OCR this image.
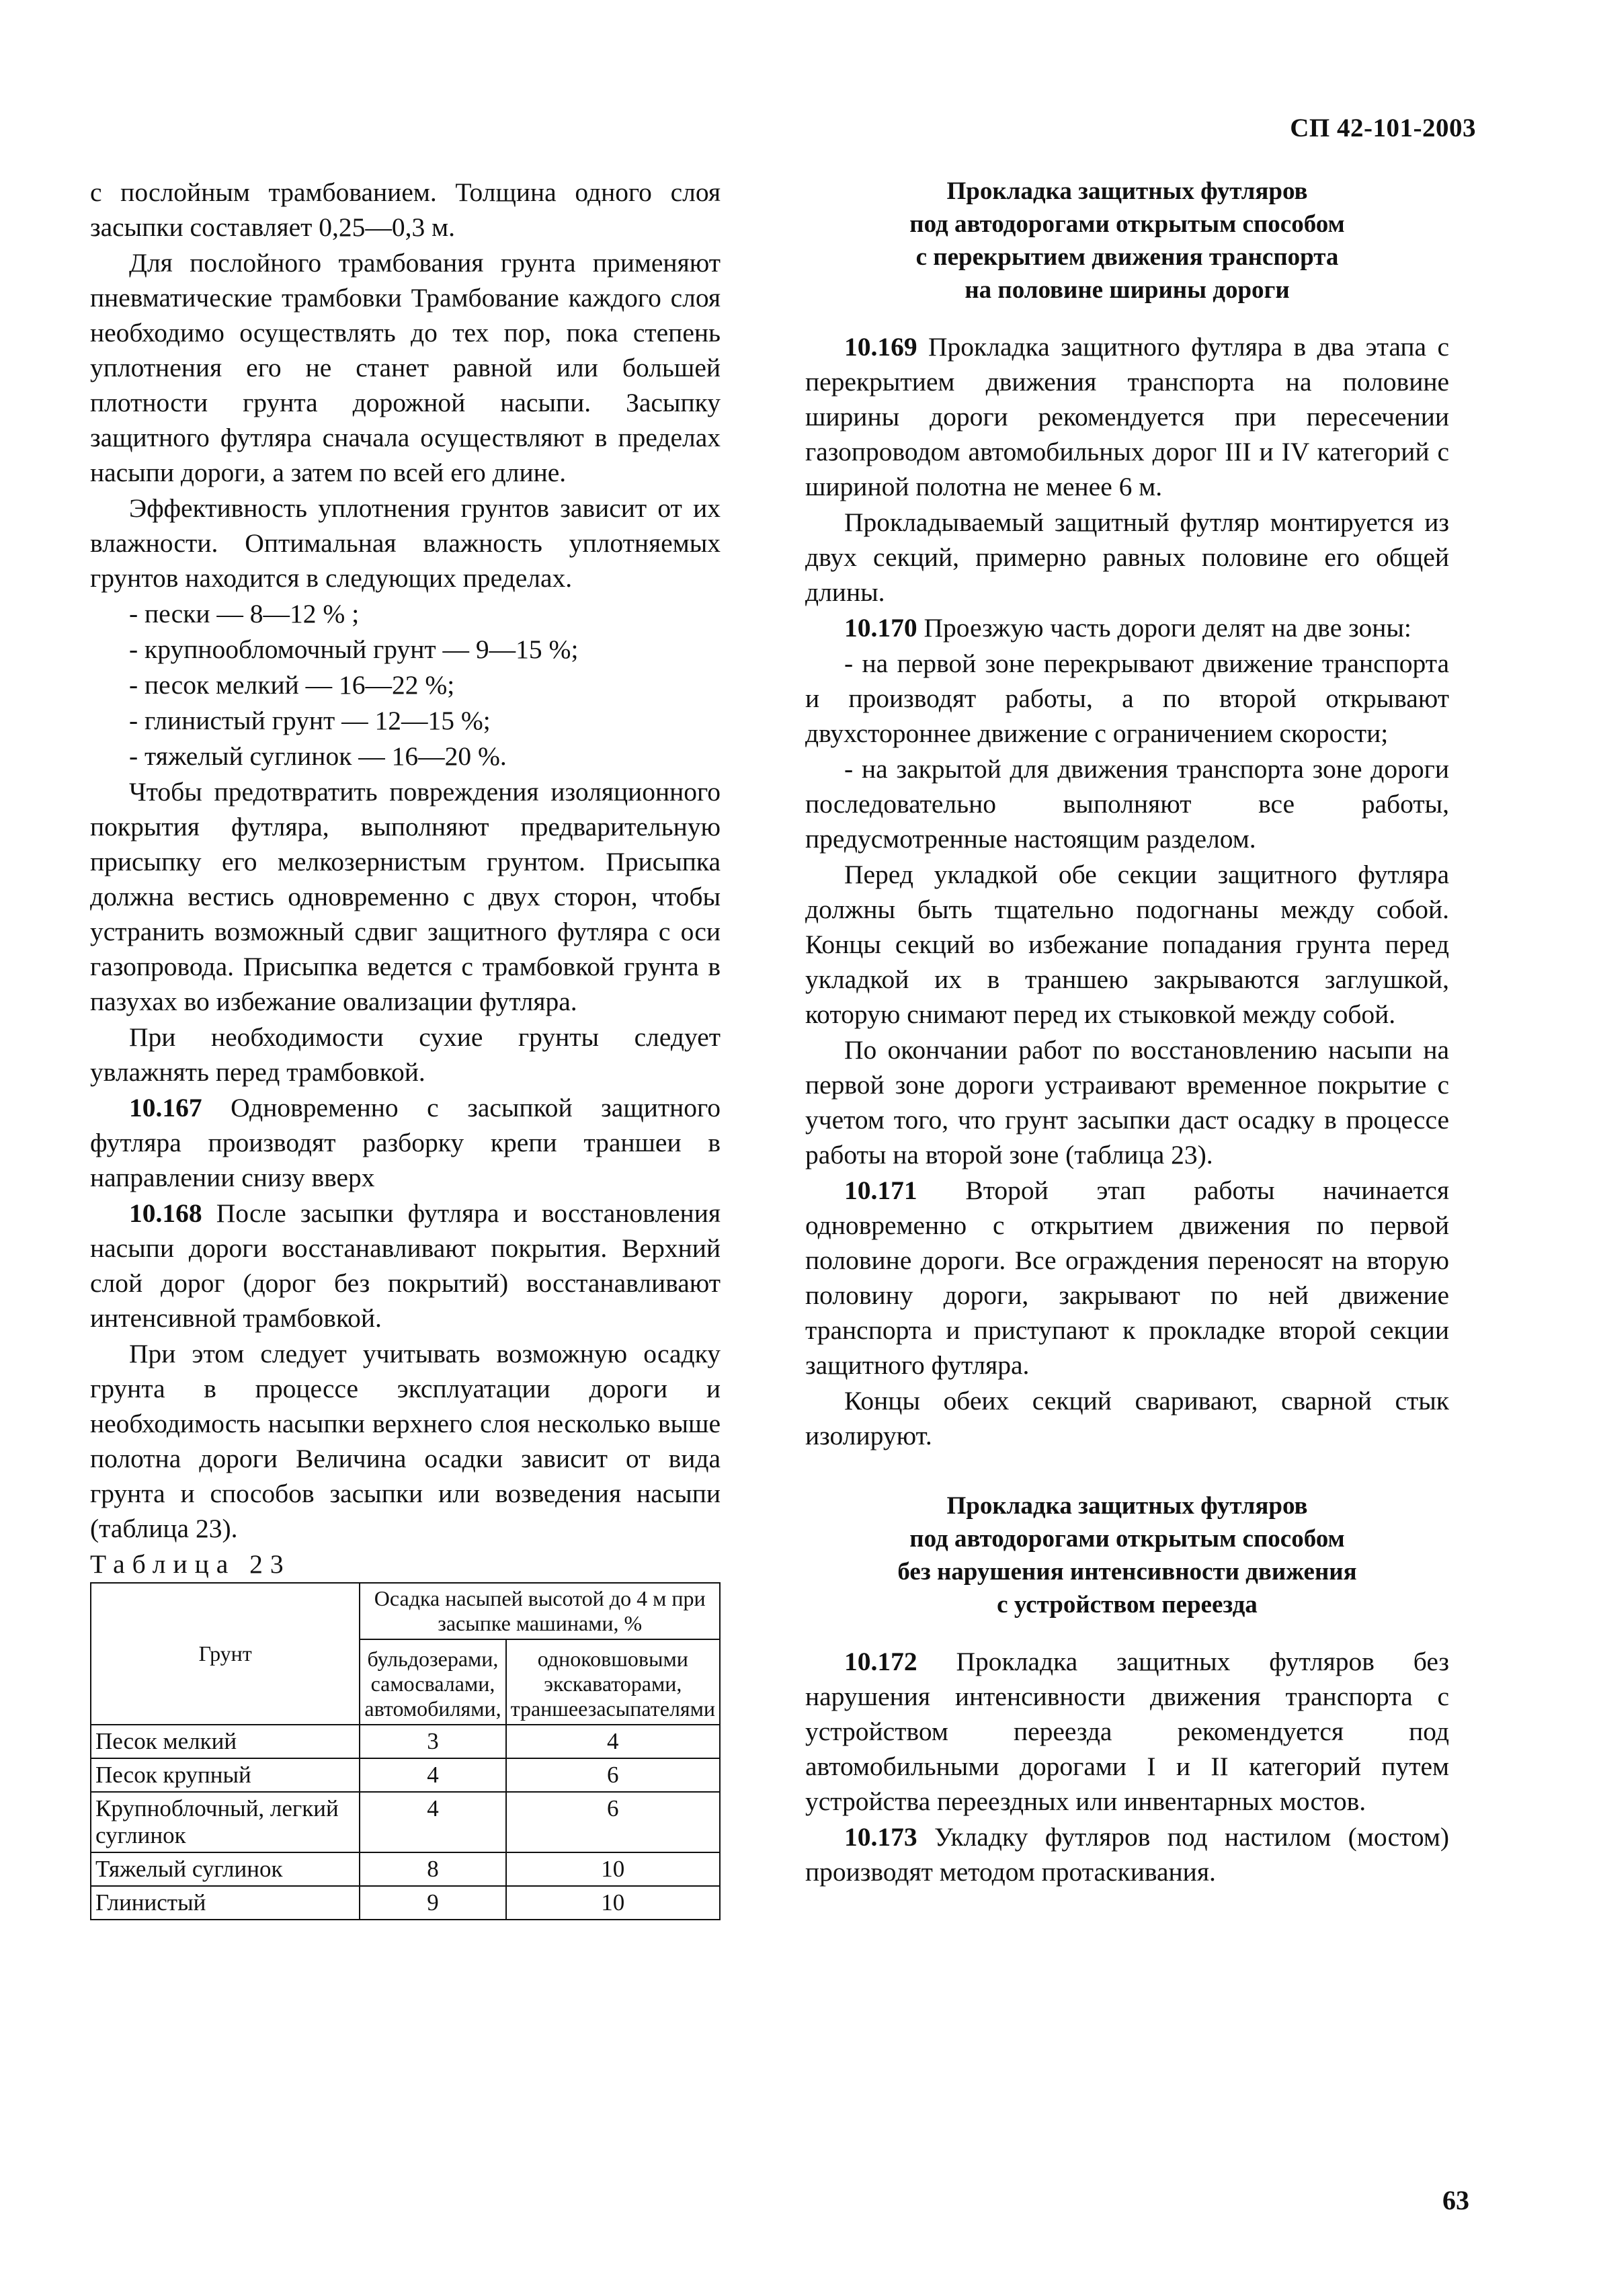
СП 42-101-2003

с послойным трамбованием. Толщина одного слоя засыпки составляет 0,25—0,3 м.

Для послойного трамбования грунта применяют пневматические трамбовки Трамбование каждого слоя необходимо осуществлять до тех пор, пока степень уплотнения его не станет равной или большей плотности грунта дорожной насыпи. Засыпку защитного футляра сначала осуществляют в пределах насыпи дороги, а затем по всей его длине.

Эффективность уплотнения грунтов зависит от их влажности. Оптимальная влажность уплотняемых грунтов находится в следующих пределах.

- пески — 8—12 % ;

- крупнообломочный грунт — 9—15 %;

- песок мелкий — 16—22 %;

- глинистый грунт — 12—15 %;

- тяжелый суглинок — 16—20 %.

Чтобы предотвратить повреждения изоляционного покрытия футляра, выполняют предварительную присыпку его мелкозернистым грунтом. Присыпка должна вестись одновременно с двух сторон, чтобы устранить возможный сдвиг защитного футляра с оси газопровода. Присыпка ведется с трамбовкой грунта в пазухах во избежание овализации футляра.

При необходимости сухие грунты следует увлажнять перед трамбовкой.

10.167 Одновременно с засыпкой защитного футляра производят разборку крепи траншеи в направлении снизу вверх

10.168 После засыпки футляра и восстановления насыпи дороги восстанавливают покрытия. Верхний слой дорог (дорог без покрытий) восстанавливают интенсивной трамбовкой.

При этом следует учитывать возможную осадку грунта в процессе эксплуатации дороги и необходимость насыпки верхнего слоя несколько выше полотна дороги Величина осадки зависит от вида грунта и способов засыпки или возведения насыпи (таблица 23).

Таблица 23

Грунт	Осадка насыпей высотой до 4 м при засыпке машинами, %	
	бульдозерами, самосвалами, автомобилями,	одноковшовыми экскаваторами, траншеезасыпателями
Песок мелкий	3	4
Песок крупный	4	6
Крупноблочный, легкий суглинок	4	6
Тяжелый суглинок	8	10
Глинистый	9	10
Прокладка защитных футляров
под автодорогами открытым способом
с перекрытием движения транспорта
на половине ширины дороги

10.169 Прокладка защитного футляра в два этапа с перекрытием движения транспорта на половине ширины дороги рекомендуется при пересечении газопроводом автомобильных дорог III и IV категорий с шириной полотна не менее 6 м.

Прокладываемый защитный футляр монтируется из двух секций, примерно равных половине его общей длины.

10.170 Проезжую часть дороги делят на две зоны:

- на первой зоне перекрывают движение транспорта и производят работы, а по второй открывают двухстороннее движение с ограничением скорости;

- на закрытой для движения транспорта зоне дороги последовательно выполняют все работы, предусмотренные настоящим разделом.

Перед укладкой обе секции защитного футляра должны быть тщательно подогнаны между собой. Концы секций во избежание попадания грунта перед укладкой их в траншею закрываются заглушкой, которую снимают перед их стыковкой между собой.

По окончании работ по восстановлению насыпи на первой зоне дороги устраивают временное покрытие с учетом того, что грунт засыпки даст осадку в процессе работы на второй зоне (таблица 23).

10.171 Второй этап работы начинается одновременно с открытием движения по первой половине дороги. Все ограждения переносят на вторую половину дороги, закрывают по ней движение транспорта и приступают к прокладке второй секции защитного футляра.

Концы обеих секций сваривают, сварной стык изолируют.

Прокладка защитных футляров
под автодорогами открытым способом
без нарушения интенсивности движения
с устройством переезда

10.172 Прокладка защитных футляров без нарушения интенсивности движения транспорта с устройством переезда рекомендуется под автомобильными дорогами I и II категорий путем устройства переездных или инвентарных мостов.

10.173 Укладку футляров под настилом (мостом) производят методом протаскивания.

63
